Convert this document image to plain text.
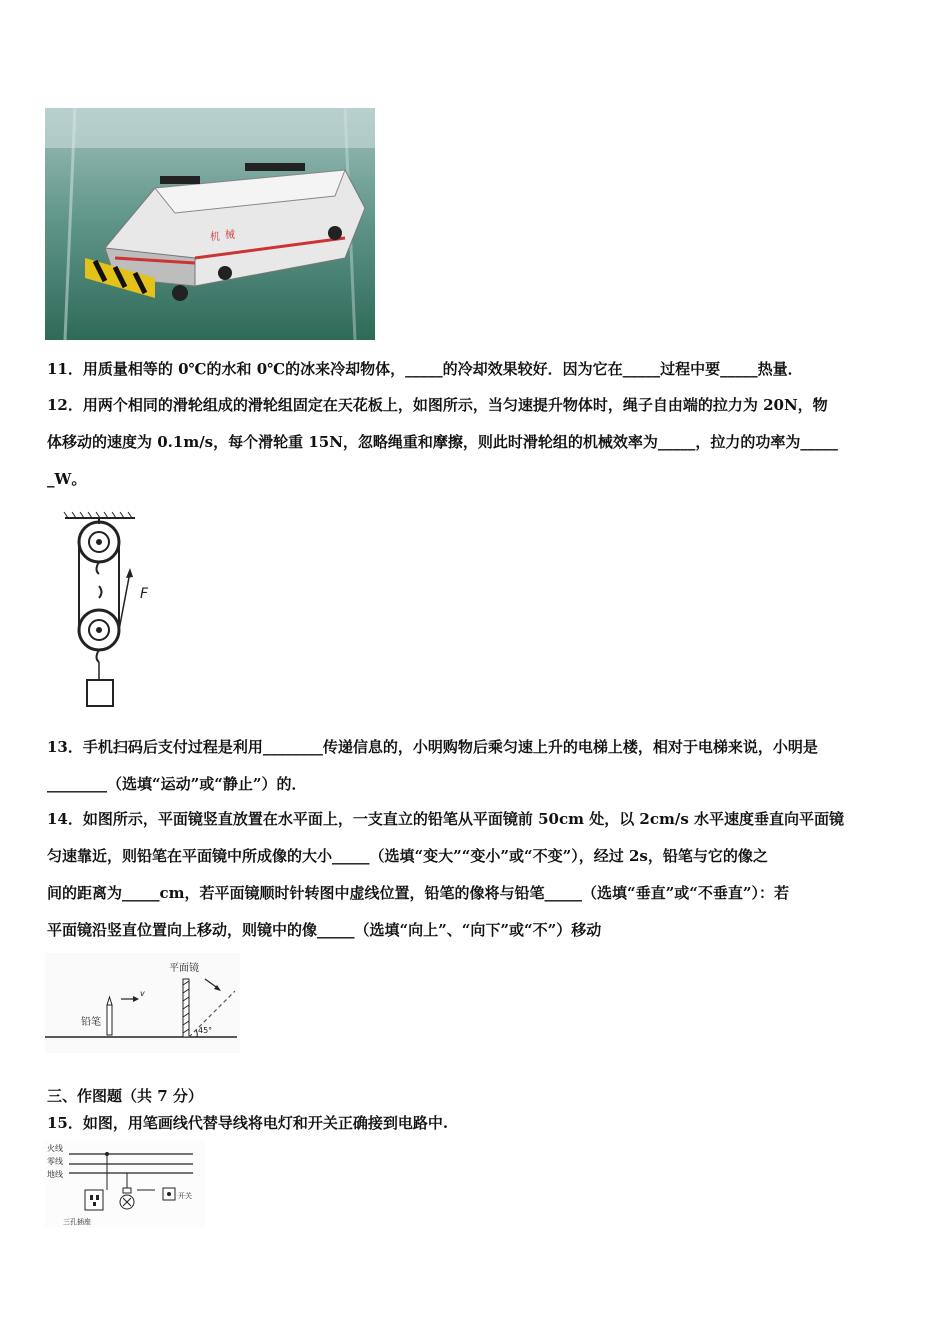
机 械
11．用质量相等的 0℃的水和 0℃的冰来冷却物体，_____的冷却效果较好．因为它在_____过程中要_____热量．
12．用两个相同的滑轮组成的滑轮组固定在天花板上，如图所示，当匀速提升物体时，绳子自由端的拉力为 20N，物
体移动的速度为 0.1m/s，每个滑轮重 15N，忽略绳重和摩擦，则此时滑轮组的机械效率为_____，拉力的功率为_____
_W。
F
13．手机扫码后支付过程是利用________传递信息的，小明购物后乘匀速上升的电梯上楼，相对于电梯来说，小明是
________（选填“运动”或“静止”）的．
14．如图所示，平面镜竖直放置在水平面上，一支直立的铅笔从平面镜前 50cm 处，以 2cm/s 水平速度垂直向平面镜
匀速靠近，则铅笔在平面镜中所成像的大小_____（选填“变大”“变小”或“不变”），经过 2s，铅笔与它的像之
间的距离为_____cm，若平面镜顺时针转图中虚线位置，铅笔的像将与铅笔_____（选填“垂直”或“不垂直”）：若
平面镜沿竖直位置向上移动，则镜中的像_____（选填“向上”、“向下”或“不”）移动
45°
平面镜
铅笔
v
三、作图题（共 7 分）
15．如图，用笔画线代替导线将电灯和开关正确接到电路中.
火线
零线
地线
三孔插座
开关
